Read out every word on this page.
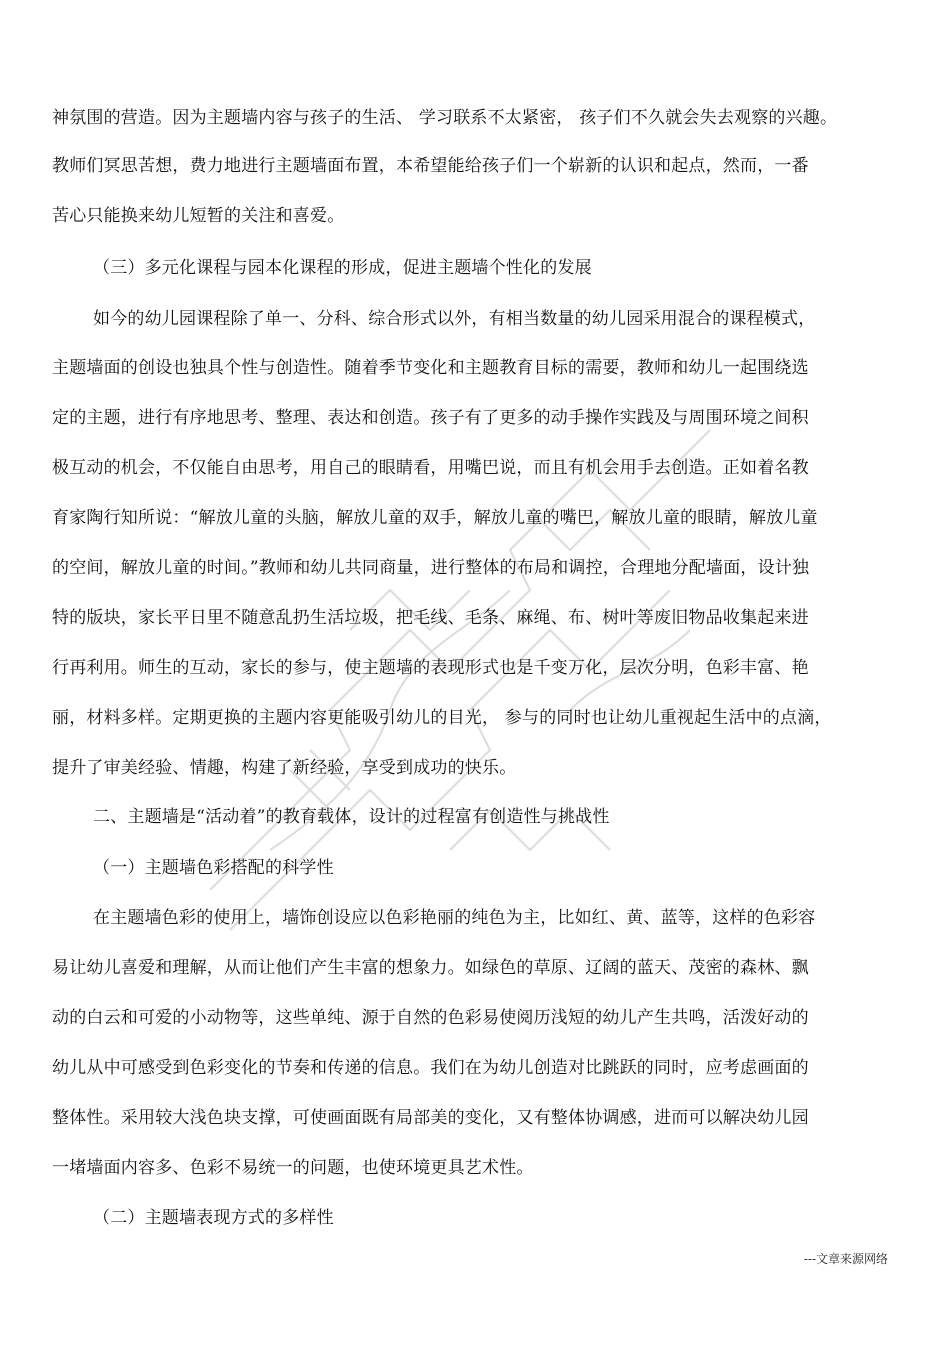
神氛围的营造。因为主题墙内容与孩子的生活、 学习联系不太紧密， 孩子们不久就会失去观察的兴趣。
教师们冥思苦想，费力地进行主题墙面布置，本希望能给孩子们一个崭新的认识和起点，然而，一番
苦心只能换来幼儿短暂的关注和喜爱。
（三）多元化课程与园本化课程的形成，促进主题墙个性化的发展
如今的幼儿园课程除了单一、分科、综合形式以外，有相当数量的幼儿园采用混合的课程模式，
主题墙面的创设也独具个性与创造性。随着季节变化和主题教育目标的需要，教师和幼儿一起围绕选
定的主题，进行有序地思考、整理、表达和创造。孩子有了更多的动手操作实践及与周围环境之间积
极互动的机会，不仅能自由思考，用自己的眼睛看，用嘴巴说，而且有机会用手去创造。正如着名教
育家陶行知所说：“解放儿童的头脑，解放儿童的双手，解放儿童的嘴巴，解放儿童的眼睛，解放儿童
的空间，解放儿童的时间。”教师和幼儿共同商量，进行整体的布局和调控，合理地分配墙面，设计独
特的版块，家长平日里不随意乱扔生活垃圾，把毛线、毛条、麻绳、布、树叶等废旧物品收集起来进
行再利用。师生的互动，家长的参与，使主题墙的表现形式也是千变万化，层次分明，色彩丰富、艳
丽，材料多样。定期更换的主题内容更能吸引幼儿的目光， 参与的同时也让幼儿重视起生活中的点滴，
提升了审美经验、情趣，构建了新经验，享受到成功的快乐。
二、主题墙是“活动着”的教育载体，设计的过程富有创造性与挑战性
（一）主题墙色彩搭配的科学性
在主题墙色彩的使用上，墙饰创设应以色彩艳丽的纯色为主，比如红、黄、蓝等，这样的色彩容
易让幼儿喜爱和理解，从而让他们产生丰富的想象力。如绿色的草原、辽阔的蓝天、茂密的森林、飘
动的白云和可爱的小动物等，这些单纯、源于自然的色彩易使阅历浅短的幼儿产生共鸣，活泼好动的
幼儿从中可感受到色彩变化的节奏和传递的信息。我们在为幼儿创造对比跳跃的同时，应考虑画面的
整体性。采用较大浅色块支撑，可使画面既有局部美的变化，又有整体协调感，进而可以解决幼儿园
一堵墙面内容多、色彩不易统一的问题，也使环境更具艺术性。
（二）主题墙表现方式的多样性
---文章来源网络
